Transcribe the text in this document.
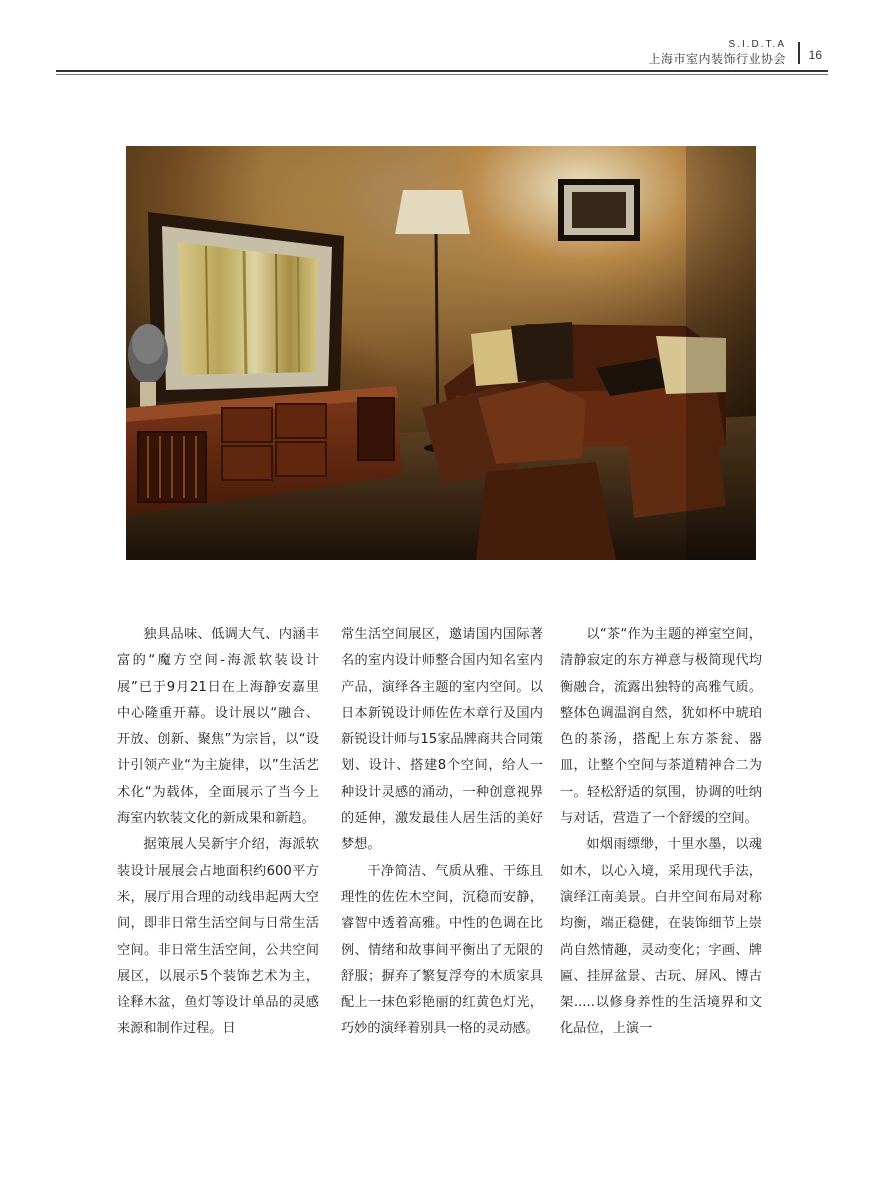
S.I.D.T.A
上海市室内装饰行业协会 16

独具品味、低调大气、内涵丰富的“魔方空间-海派软装设计展”已于9月21日在上海静安嘉里中心隆重开幕。设计展以“融合、开放、创新、聚焦”为宗旨，以“设计引领产业“为主旋律，以”生活艺术化“为载体，全面展示了当今上海室内软装文化的新成果和新趋。

据策展人吴新宇介绍，海派软装设计展展会占地面积约600平方米，展厅用合理的动线串起两大空间，即非日常生活空间与日常生活空间。非日常生活空间，公共空间展区，以展示5个装饰艺术为主，诠释木盆，鱼灯等设计单品的灵感来源和制作过程。日

常生活空间展区，邀请国内国际著名的室内设计师整合国内知名室内产品，演绎各主题的室内空间。以日本新锐设计师佐佐木章行及国内新锐设计师与15家品牌商共合同策划、设计、搭建8个空间，给人一种设计灵感的涌动，一种创意视界的延伸，激发最佳人居生活的美好梦想。

干净简洁、气质从雅、干练且理性的佐佐木空间，沉稳而安静，睿智中透着高雅。中性的色调在比例、情绪和故事间平衡出了无限的舒服；摒弃了繁复浮夸的木质家具配上一抹色彩艳丽的红黄色灯光，巧妙的演绎着别具一格的灵动感。

以“茶“作为主题的禅室空间，清静寂定的东方禅意与极简现代均衡融合，流露出独特的高雅气质。整体色调温润自然，犹如杯中琥珀色的茶汤，搭配上东方茶瓮、器皿，让整个空间与茶道精神合二为一。轻松舒适的氛围，协调的吐纳与对话，营造了一个舒缓的空间。

如烟雨缥缈，十里水墨，以魂如木，以心入境，采用现代手法，演绎江南美景。白井空间布局对称均衡，端正稳健，在装饰细节上崇尚自然情趣，灵动变化；字画、牌匾、挂屏盆景、古玩、屏风、博古架.....以修身养性的生活境界和文化品位，上演一
